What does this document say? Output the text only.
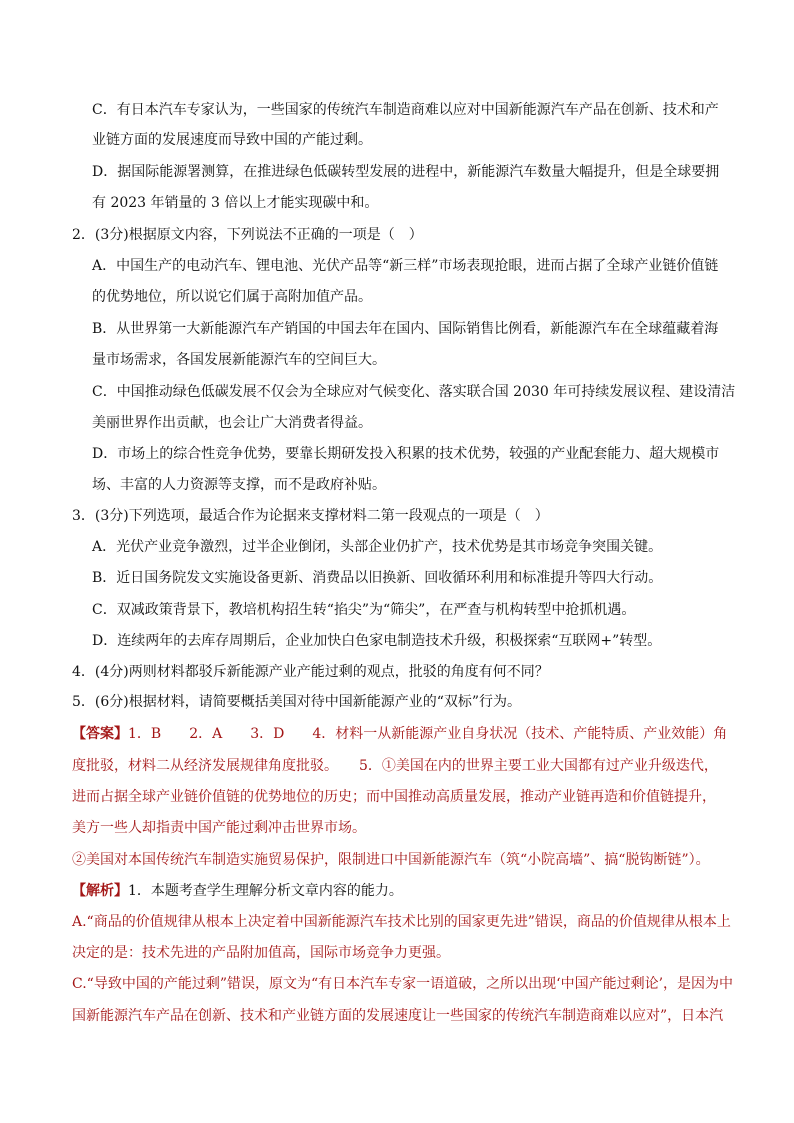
C．有日本汽车专家认为，一些国家的传统汽车制造商难以应对中国新能源汽车产品在创新、技术和产
业链方面的发展速度而导致中国的产能过剩。
D．据国际能源署测算，在推进绿色低碳转型发展的进程中，新能源汽车数量大幅提升，但是全球要拥
有 2023 年销量的 3 倍以上才能实现碳中和。
2．(3分)根据原文内容，下列说法不正确的一项是（　）
A．中国生产的电动汽车、锂电池、光伏产品等“新三样”市场表现抢眼，进而占据了全球产业链价值链
的优势地位，所以说它们属于高附加值产品。
B．从世界第一大新能源汽车产销国的中国去年在国内、国际销售比例看，新能源汽车在全球蕴藏着海
量市场需求，各国发展新能源汽车的空间巨大。
C．中国推动绿色低碳发展不仅会为全球应对气候变化、落实联合国 2030 年可持续发展议程、建设清洁
美丽世界作出贡献，也会让广大消费者得益。
D．市场上的综合性竞争优势，要靠长期研发投入积累的技术优势，较强的产业配套能力、超大规模市
场、丰富的人力资源等支撑，而不是政府补贴。
3．(3分)下列选项，最适合作为论据来支撑材料二第一段观点的一项是（　）
A．光伏产业竞争激烈，过半企业倒闭，头部企业仍扩产，技术优势是其市场竞争突围关键。
B．近日国务院发文实施设备更新、消费品以旧换新、回收循环利用和标准提升等四大行动。
C．双减政策背景下，教培机构招生转“掐尖”为“筛尖”，在严查与机构转型中抢抓机遇。
D．连续两年的去库存周期后，企业加快白色家电制造技术升级，积极探索“互联网+”转型。
4．(4分)两则材料都驳斥新能源产业产能过剩的观点，批驳的角度有何不同？
5．(6分)根据材料，请简要概括美国对待中国新能源产业的“双标”行为。
【答案】1．B　　2．A　　3．D　　4．材料一从新能源产业自身状况（技术、产能特质、产业效能）角
度批驳，材料二从经济发展规律角度批驳。　　5．①美国在内的世界主要工业大国都有过产业升级迭代，
进而占据全球产业链价值链的优势地位的历史；而中国推动高质量发展，推动产业链再造和价值链提升，
美方一些人却指责中国产能过剩冲击世界市场。
②美国对本国传统汽车制造实施贸易保护，限制进口中国新能源汽车（筑“小院高墙”、搞“脱钩断链”）。
【解析】1．本题考查学生理解分析文章内容的能力。
A.“商品的价值规律从根本上决定着中国新能源汽车技术比别的国家更先进”错误，商品的价值规律从根本上
决定的是：技术先进的产品附加值高，国际市场竞争力更强。
C.“导致中国的产能过剩”错误，原文为“有日本汽车专家一语道破，之所以出现‘中国产能过剩论’，是因为中
国新能源汽车产品在创新、技术和产业链方面的发展速度让一些国家的传统汽车制造商难以应对”，日本汽
